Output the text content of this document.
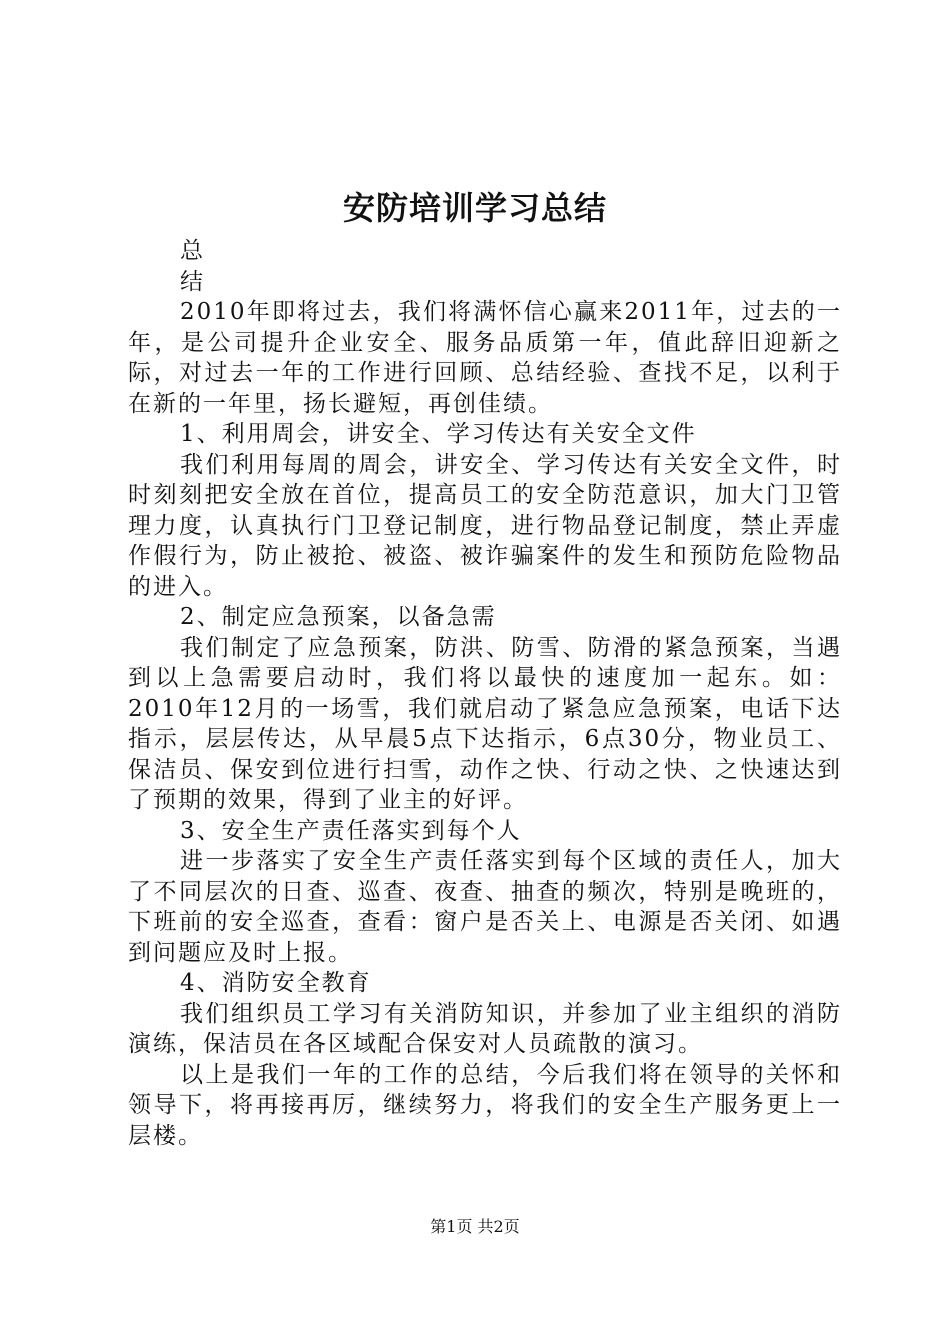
安防培训学习总结
总
结
2010年即将过去，我们将满怀信心赢来2011年，过去的一年，是公司提升企业安全、服务品质第一年，值此辞旧迎新之际，对过去一年的工作进行回顾、总结经验、查找不足，以利于在新的一年里，扬长避短，再创佳绩。
1、利用周会，讲安全、学习传达有关安全文件
我们利用每周的周会，讲安全、学习传达有关安全文件，时时刻刻把安全放在首位，提高员工的安全防范意识，加大门卫管理力度，认真执行门卫登记制度，进行物品登记制度，禁止弄虚作假行为，防止被抢、被盗、被诈骗案件的发生和预防危险物品的进入。
2、制定应急预案，以备急需
我们制定了应急预案，防洪、防雪、防滑的紧急预案，当遇到以上急需要启动时，我们将以最快的速度加一起东。如：2010年12月的一场雪，我们就启动了紧急应急预案，电话下达指示，层层传达，从早晨5点下达指示，6点30分，物业员工、保洁员、保安到位进行扫雪，动作之快、行动之快、之快速达到了预期的效果，得到了业主的好评。
3、安全生产责任落实到每个人
进一步落实了安全生产责任落实到每个区域的责任人，加大了不同层次的日查、巡查、夜查、抽查的频次，特别是晚班的，下班前的安全巡查，查看：窗户是否关上、电源是否关闭、如遇到问题应及时上报。
4、消防安全教育
我们组织员工学习有关消防知识，并参加了业主组织的消防演练，保洁员在各区域配合保安对人员疏散的演习。
以上是我们一年的工作的总结，今后我们将在领导的关怀和领导下，将再接再厉，继续努力，将我们的安全生产服务更上一层楼。
第1页 共2页
